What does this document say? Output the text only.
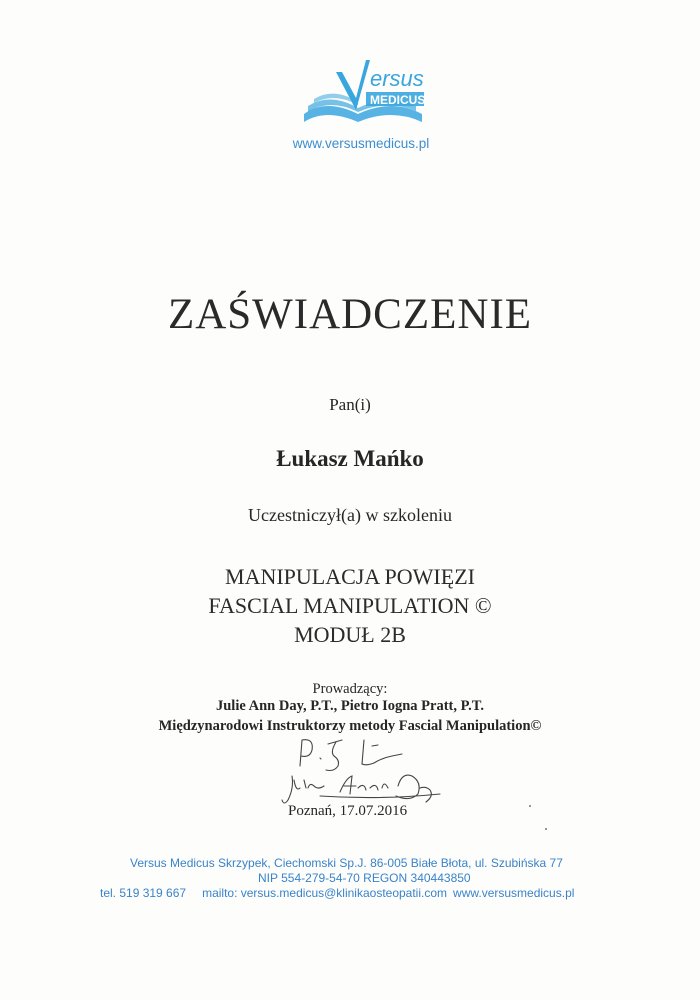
ersus
MEDICUS
www.versusmedicus.pl
ZAŚWIADCZENIE
Pan(i)
Łukasz Mańko
Uczestniczył(a) w szkoleniu
MANIPULACJA POWIĘZI
FASCIAL MANIPULATION ©
MODUŁ 2B
Prowadzący:
Julie Ann Day, P.T., Pietro Iogna Pratt, P.T.
Międzynarodowi Instruktorzy metody Fascial Manipulation©
Poznań, 17.07.2016
Versus Medicus Skrzypek, Ciechomski Sp.J. 86-005 Białe Błota, ul. Szubińska 77
NIP 554-279-54-70 REGON 340443850
tel. 519 319 667 mailto: versus.medicus@klinikaosteopatii.com www.versusmedicus.pl
